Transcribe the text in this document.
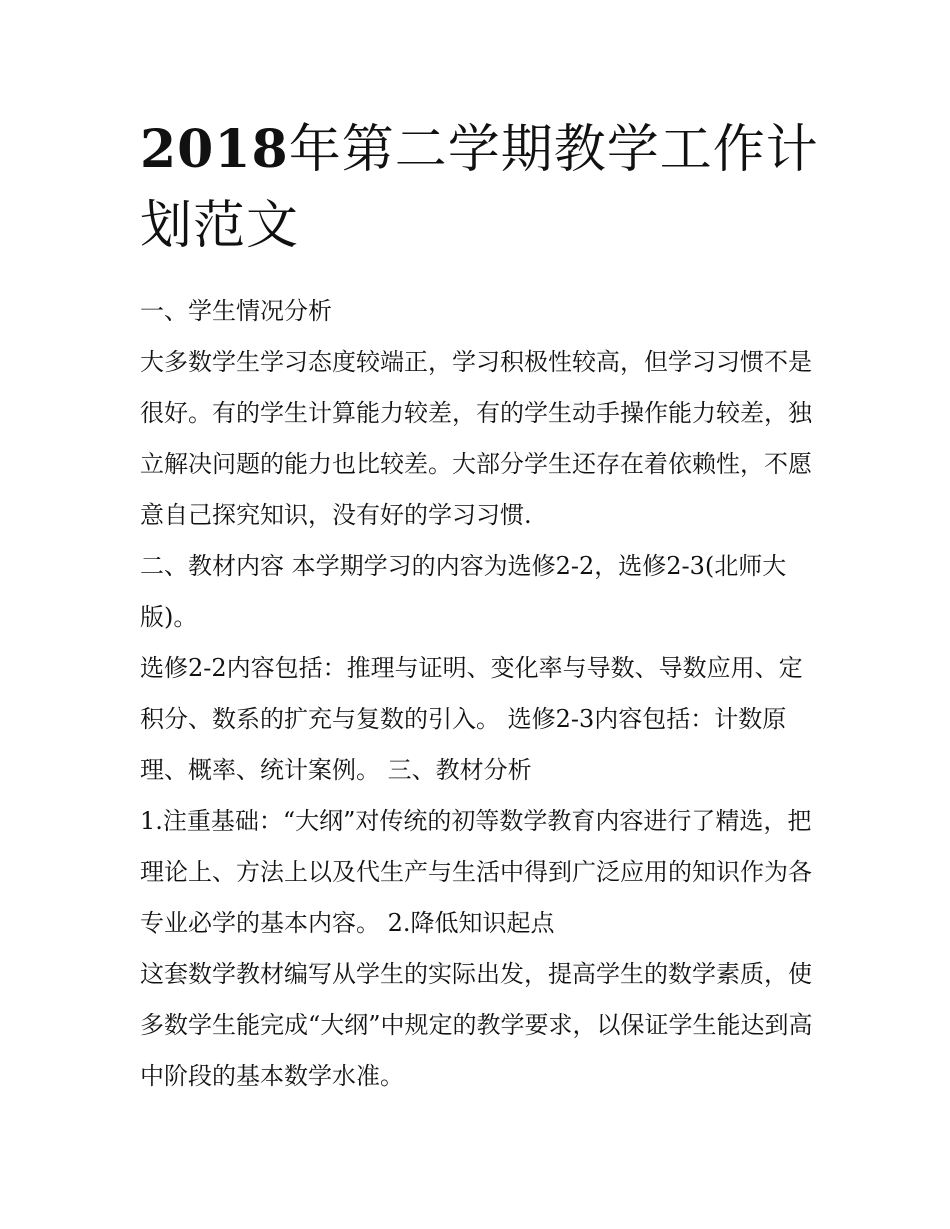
2018年第二学期教学工作计划范文

一、学生情况分析

大多数学生学习态度较端正，学习积极性较高，但学习习惯不是很好。有的学生计算能力较差，有的学生动手操作能力较差，独立解决问题的能力也比较差。大部分学生还存在着依赖性，不愿意自己探究知识，没有好的学习习惯.

二、教材内容 本学期学习的内容为选修2-2，选修2-3(北师大版)。

选修2-2内容包括：推理与证明、变化率与导数、导数应用、定积分、数系的扩充与复数的引入。 选修2-3内容包括：计数原理、概率、统计案例。 三、教材分析

1.注重基础：“大纲”对传统的初等数学教育内容进行了精选，把理论上、方法上以及代生产与生活中得到广泛应用的知识作为各专业必学的基本内容。 2.降低知识起点

这套数学教材编写从学生的实际出发，提高学生的数学素质，使多数学生能完成“大纲”中规定的教学要求，以保证学生能达到高中阶段的基本数学水准。
